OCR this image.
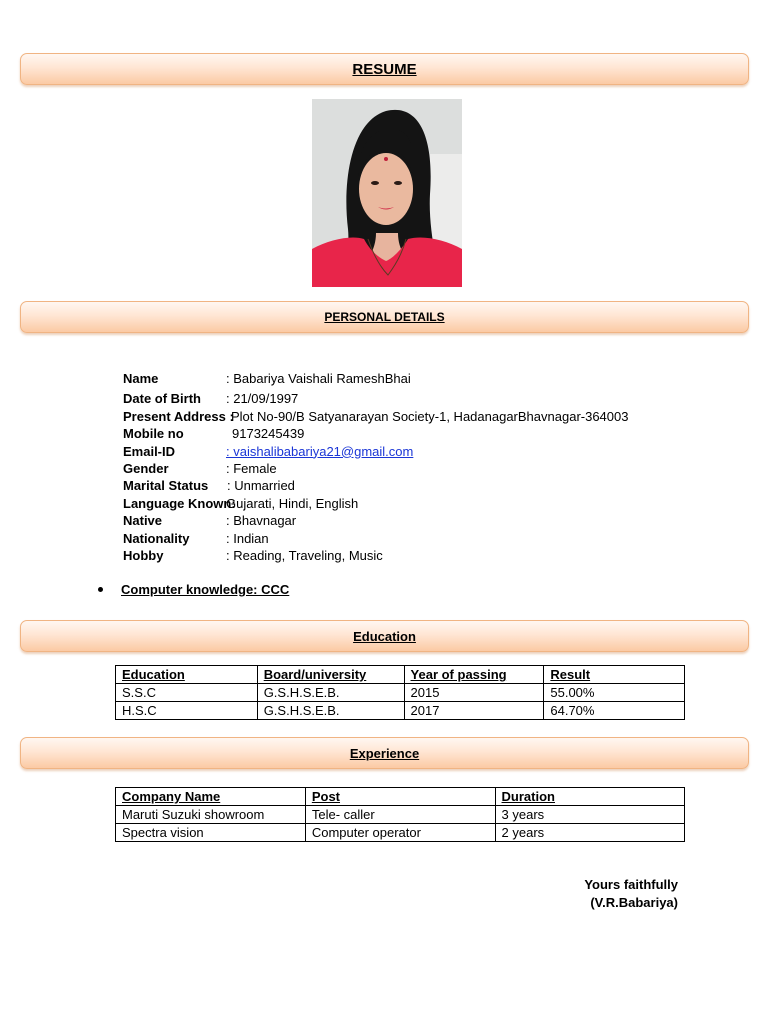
RESUME
PERSONAL DETAILS
Name	: Babariya Vaishali RameshBhai
Date of Birth : 21/09/1997
Present Address :
Plot No-90/B Satyanarayan Society-1, HadanagarBhavnagar-364003
Mobile no	9173245439
Email-ID	: vaishalibabariya21@gmail.com
Gender	: Female
Marital Status : Unmarried
Language Known:
Gujarati, Hindi, English
Native	: Bhavnagar
Nationality	: Indian
Hobby	: Reading, Traveling, Music
Computer knowledge: CCC
Education
Education	Board/university	Year of passing	Result
S.S.C	G.S.H.S.E.B.	2015	55.00%
H.S.C	G.S.H.S.E.B.	2017	64.70%
Experience
Company Name	Post	Duration
Maruti Suzuki showroom	Tele- caller	3 years
Spectra vision	Computer operator	2 years
Yours faithfully
(V.R.Babariya)
